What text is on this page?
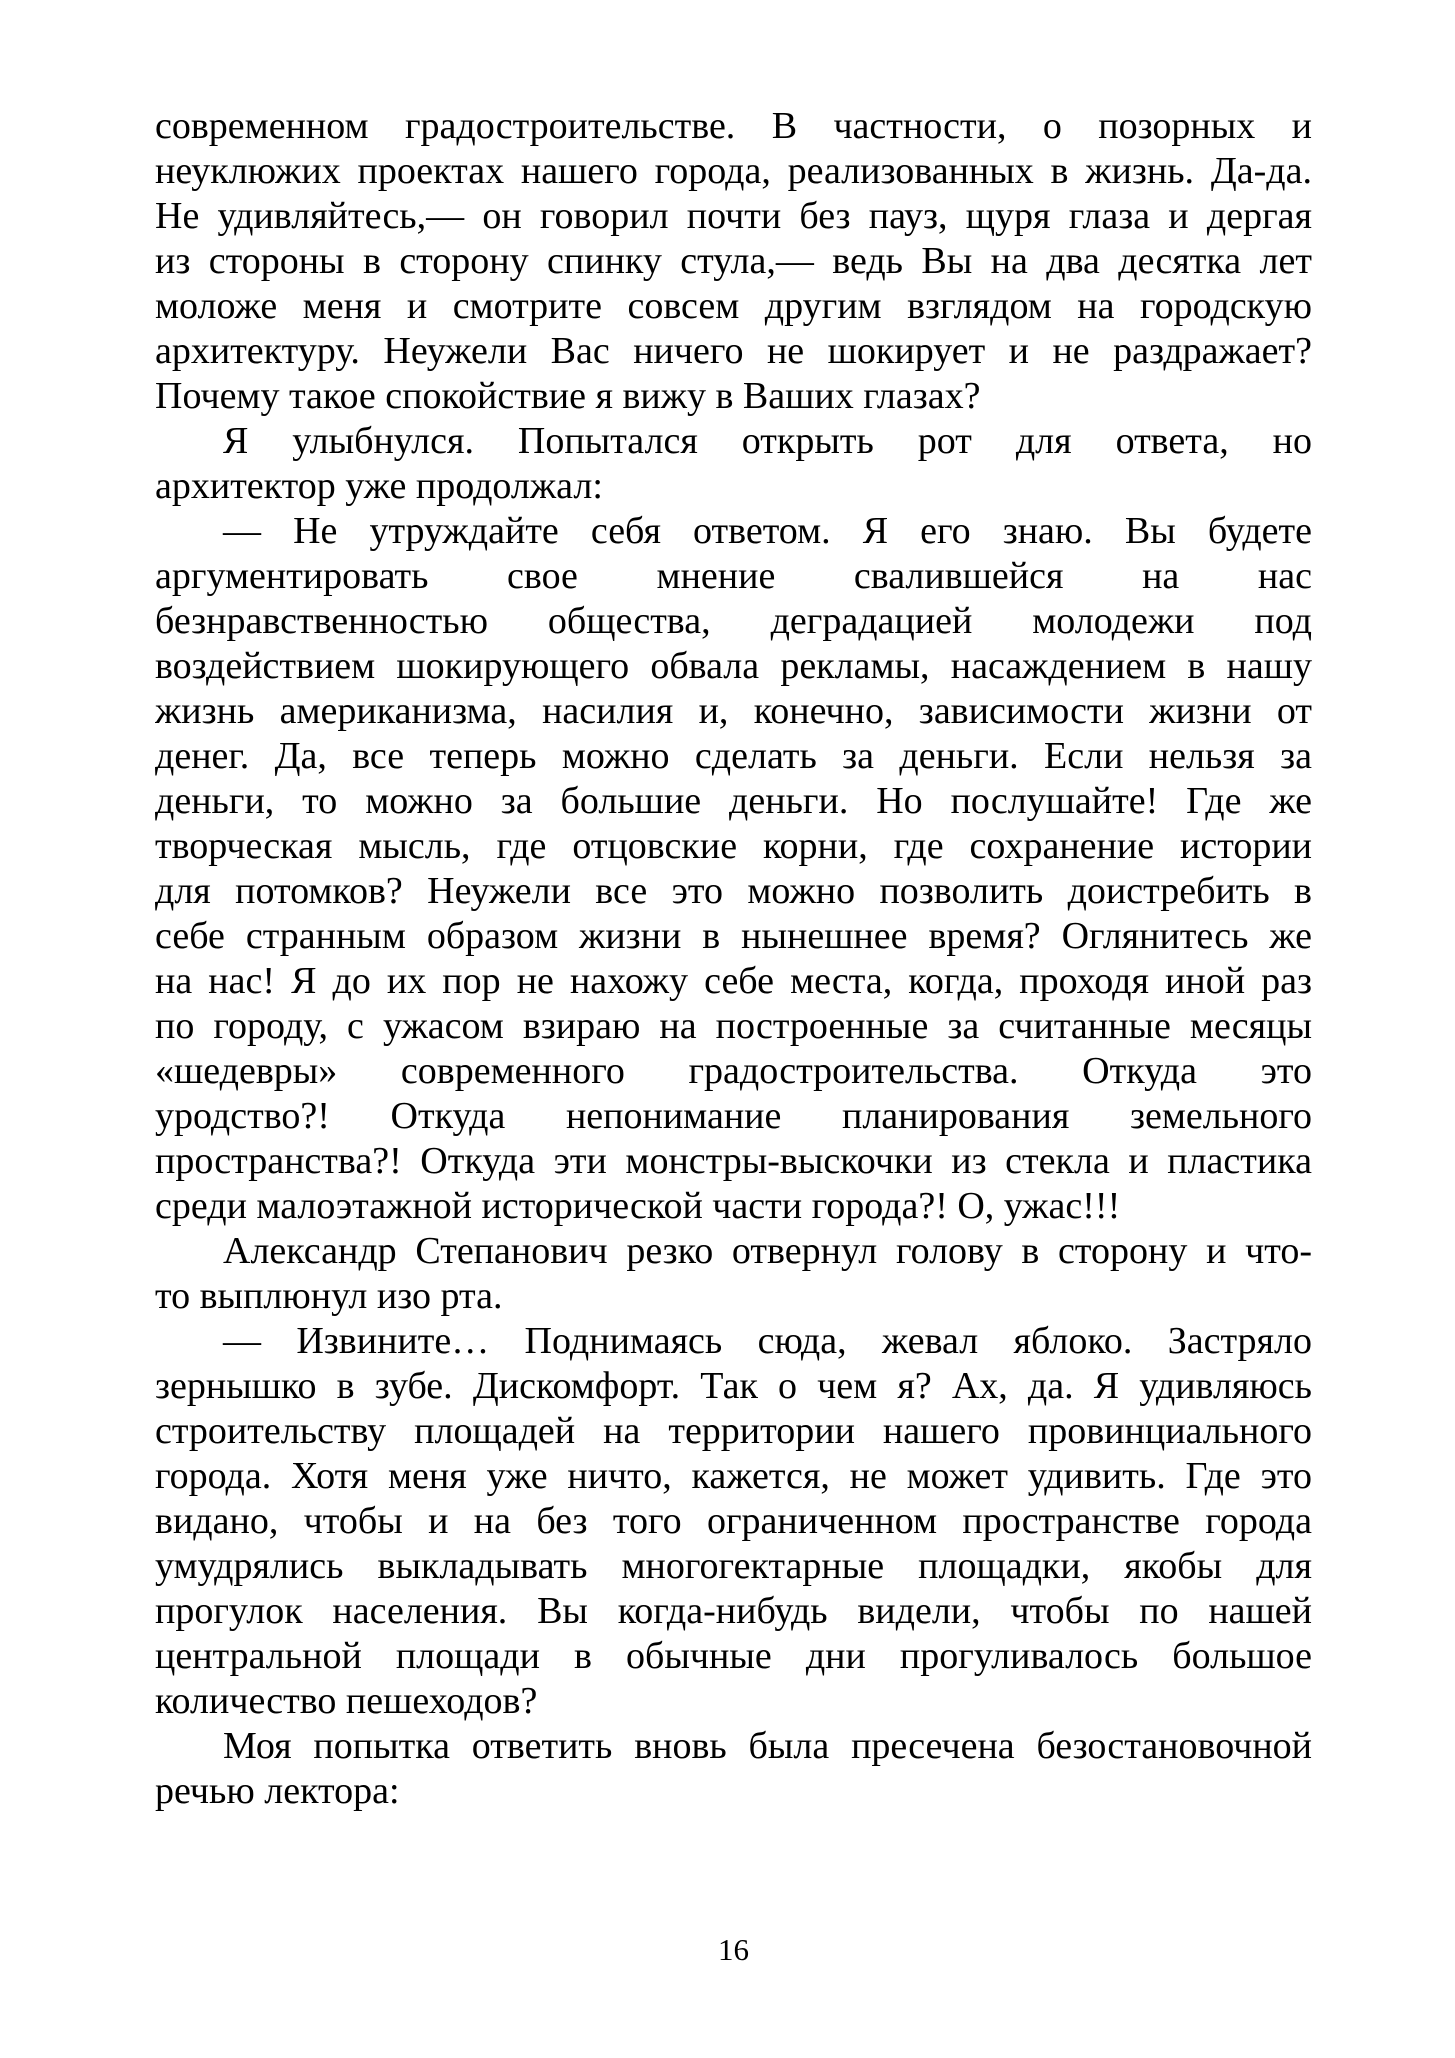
современном градостроительстве. В частности, о позорных и
неуклюжих проектах нашего города, реализованных в жизнь. Да-да.
Не удивляйтесь,— он говорил почти без пауз, щуря глаза и дергая
из стороны в сторону спинку стула,— ведь Вы на два десятка лет
моложе меня и смотрите совсем другим взглядом на городскую
архитектуру. Неужели Вас ничего не шокирует и не раздражает?
Почему такое спокойствие я вижу в Ваших глазах?
Я улыбнулся. Попытался открыть рот для ответа, но
архитектор уже продолжал:
— Не утруждайте себя ответом. Я его знаю. Вы будете
аргументировать свое мнение свалившейся на нас
безнравственностью общества, деградацией молодежи под
воздействием шокирующего обвала рекламы, насаждением в нашу
жизнь американизма, насилия и, конечно, зависимости жизни от
денег. Да, все теперь можно сделать за деньги. Если нельзя за
деньги, то можно за большие деньги. Но послушайте! Где же
творческая мысль, где отцовские корни, где сохранение истории
для потомков? Неужели все это можно позволить доистребить в
себе странным образом жизни в нынешнее время? Оглянитесь же
на нас! Я до их пор не нахожу себе места, когда, проходя иной раз
по городу, с ужасом взираю на построенные за считанные месяцы
«шедевры» современного градостроительства. Откуда это
уродство?! Откуда непонимание планирования земельного
пространства?! Откуда эти монстры-выскочки из стекла и пластика
среди малоэтажной исторической части города?! О, ужас!!!
Александр Степанович резко отвернул голову в сторону и что-
то выплюнул изо рта.
— Извините… Поднимаясь сюда, жевал яблоко. Застряло
зернышко в зубе. Дискомфорт. Так о чем я? Ах, да. Я удивляюсь
строительству площадей на территории нашего провинциального
города. Хотя меня уже ничто, кажется, не может удивить. Где это
видано, чтобы и на без того ограниченном пространстве города
умудрялись выкладывать многогектарные площадки, якобы для
прогулок населения. Вы когда-нибудь видели, чтобы по нашей
центральной площади в обычные дни прогуливалось большое
количество пешеходов?
Моя попытка ответить вновь была пресечена безостановочной
речью лектора:
16
